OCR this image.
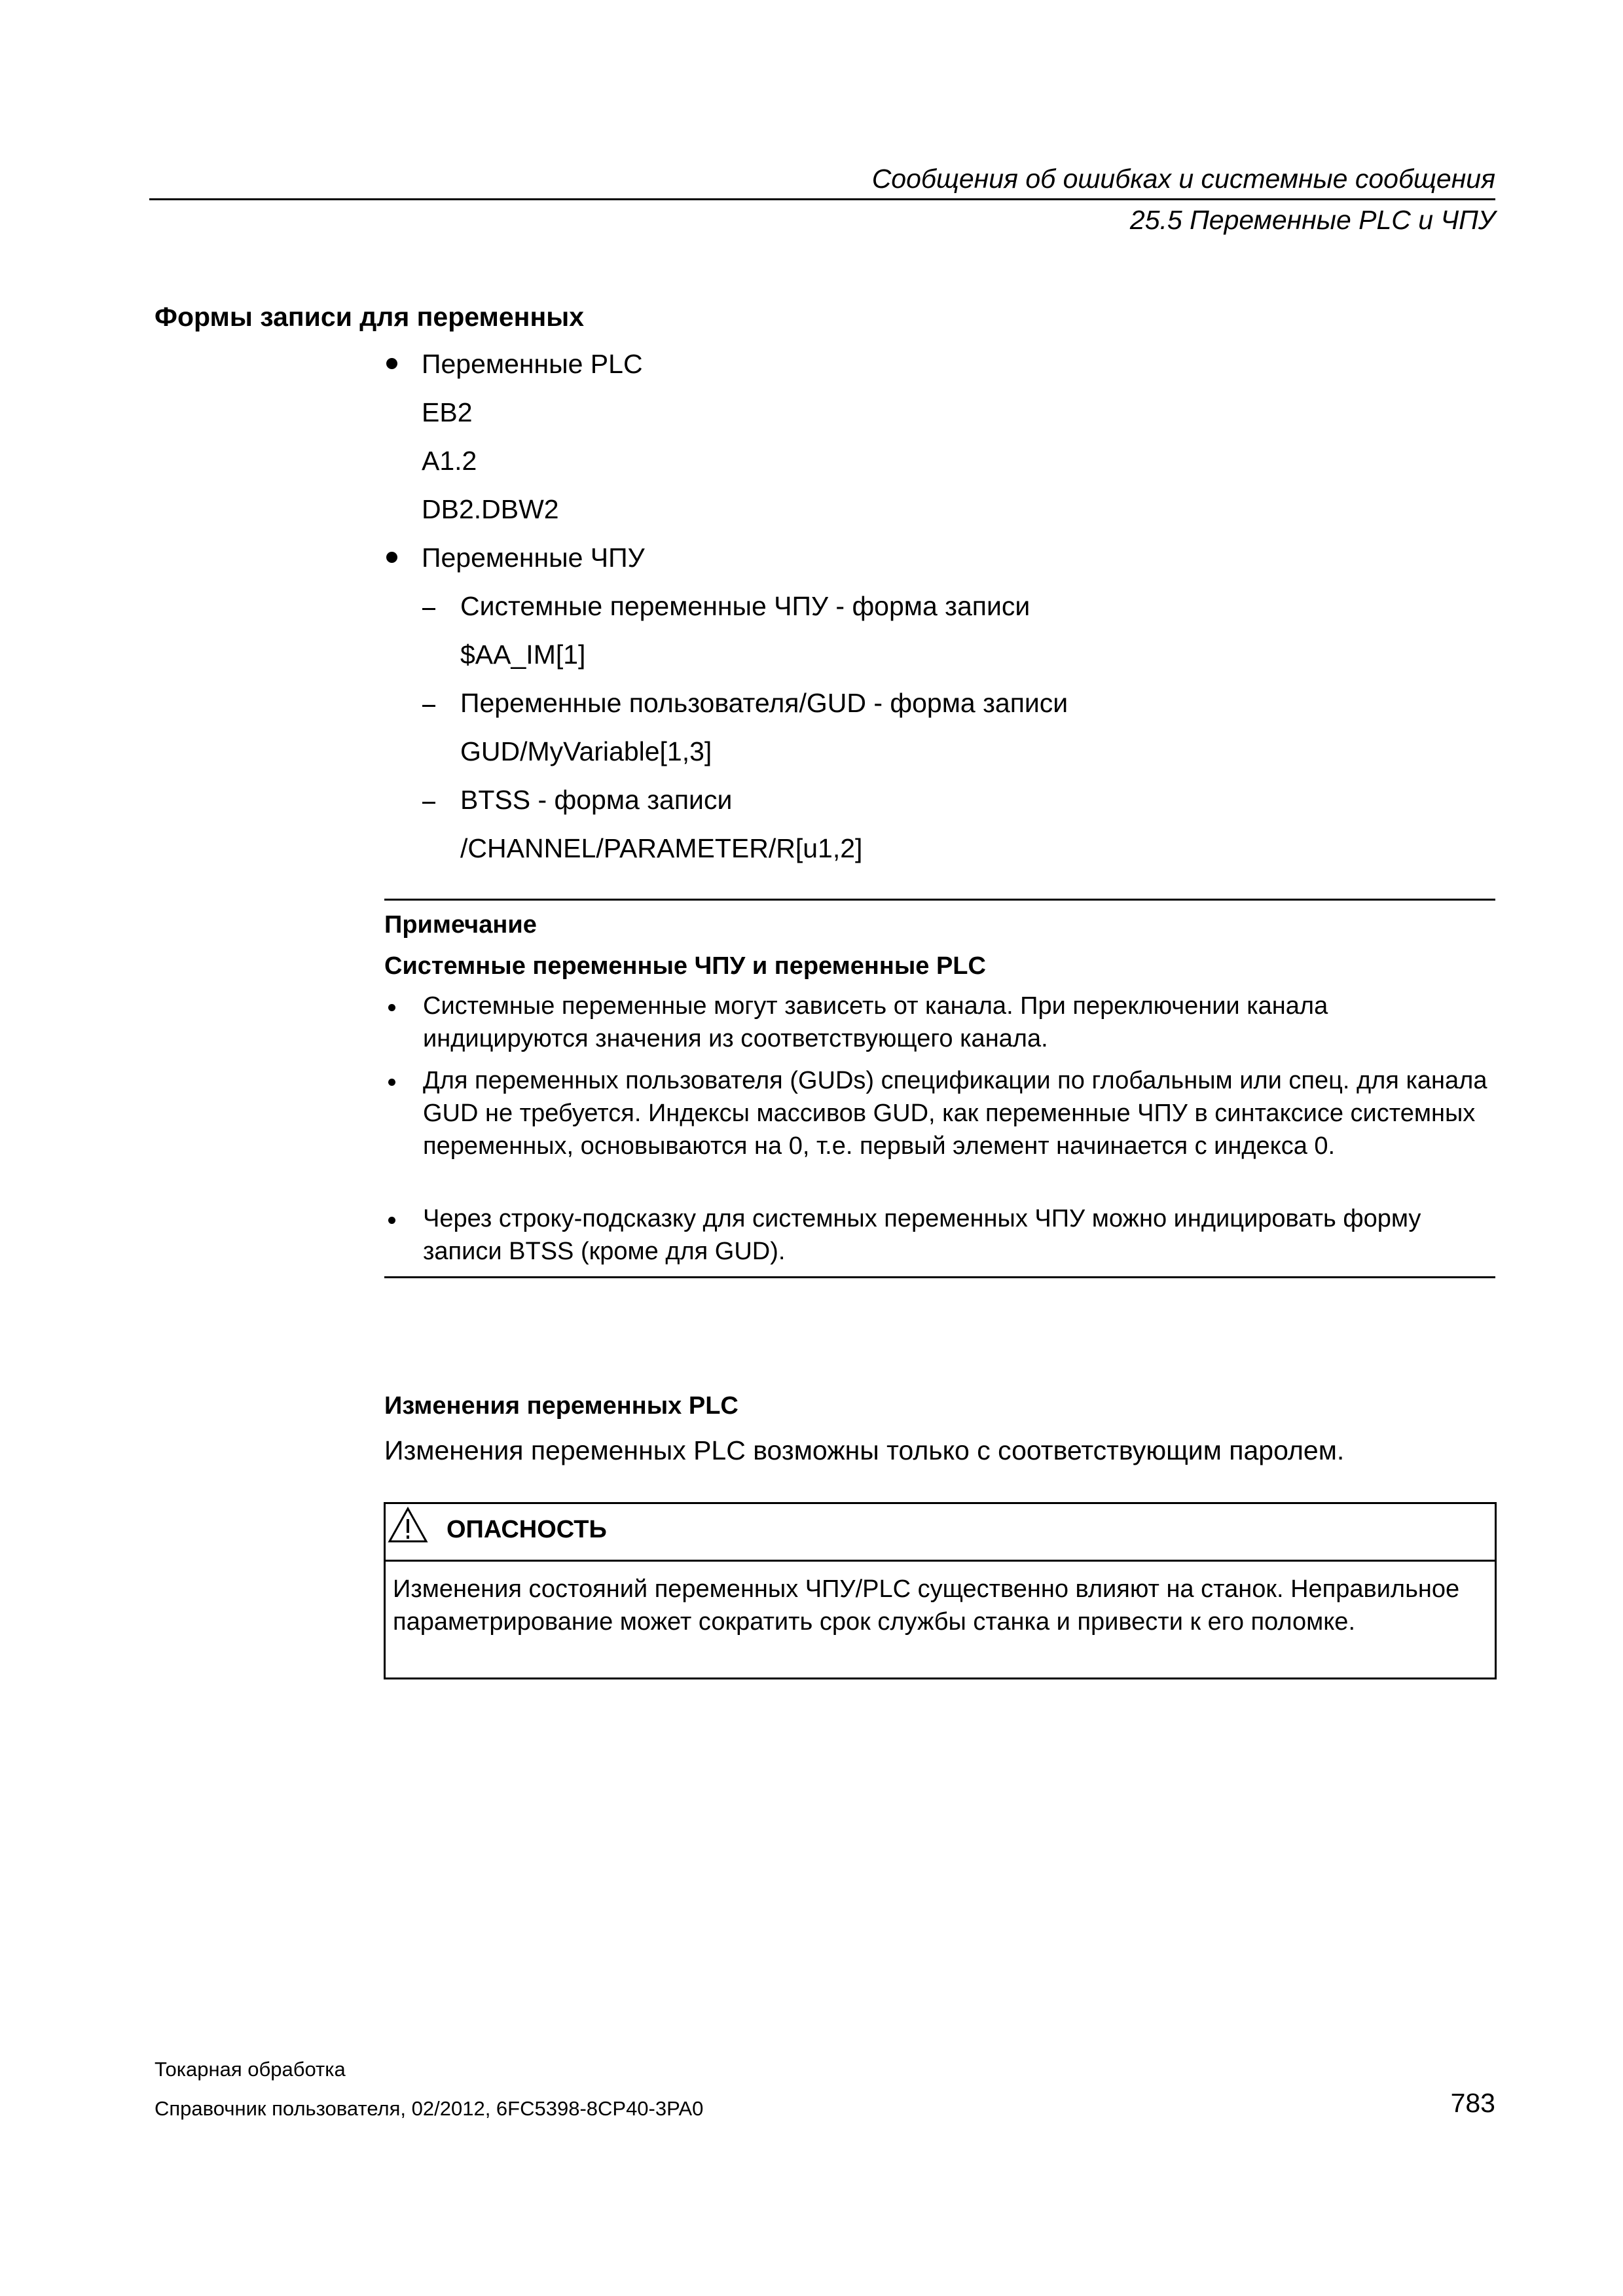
Сообщения об ошибках и системные сообщения
25.5 Переменные PLC и ЧПУ
Формы записи для переменных
Переменные PLC
EB2
A1.2
DB2.DBW2
Переменные ЧПУ
Системные переменные ЧПУ - форма записи
$AA_IM[1]
Переменные пользователя/GUD - форма записи
GUD/MyVariable[1,3]
BTSS - форма записи
/CHANNEL/PARAMETER/R[u1,2]
Примечание
Системные переменные ЧПУ и переменные PLC
Системные переменные могут зависеть от канала. При переключении канала индицируются значения из соответствующего канала.
Для переменных пользователя (GUDs) спецификации по глобальным или спец. для канала GUD не требуется. Индексы массивов GUD, как переменные ЧПУ в синтаксисе системных переменных, основываются на 0, т.е. первый элемент начинается с индекса 0.
Через строку-подсказку для системных переменных ЧПУ можно индицировать форму записи BTSS (кроме для GUD).
Изменения переменных PLC
Изменения переменных PLC возможны только с соответствующим паролем.
ОПАСНОСТЬ
Изменения состояний переменных ЧПУ/PLC существенно влияют на станок. Неправильное параметрирование может сократить срок службы станка и привести к его поломке.
Токарная обработка
Справочник пользователя, 02/2012, 6FC5398-8CP40-3PA0	783
